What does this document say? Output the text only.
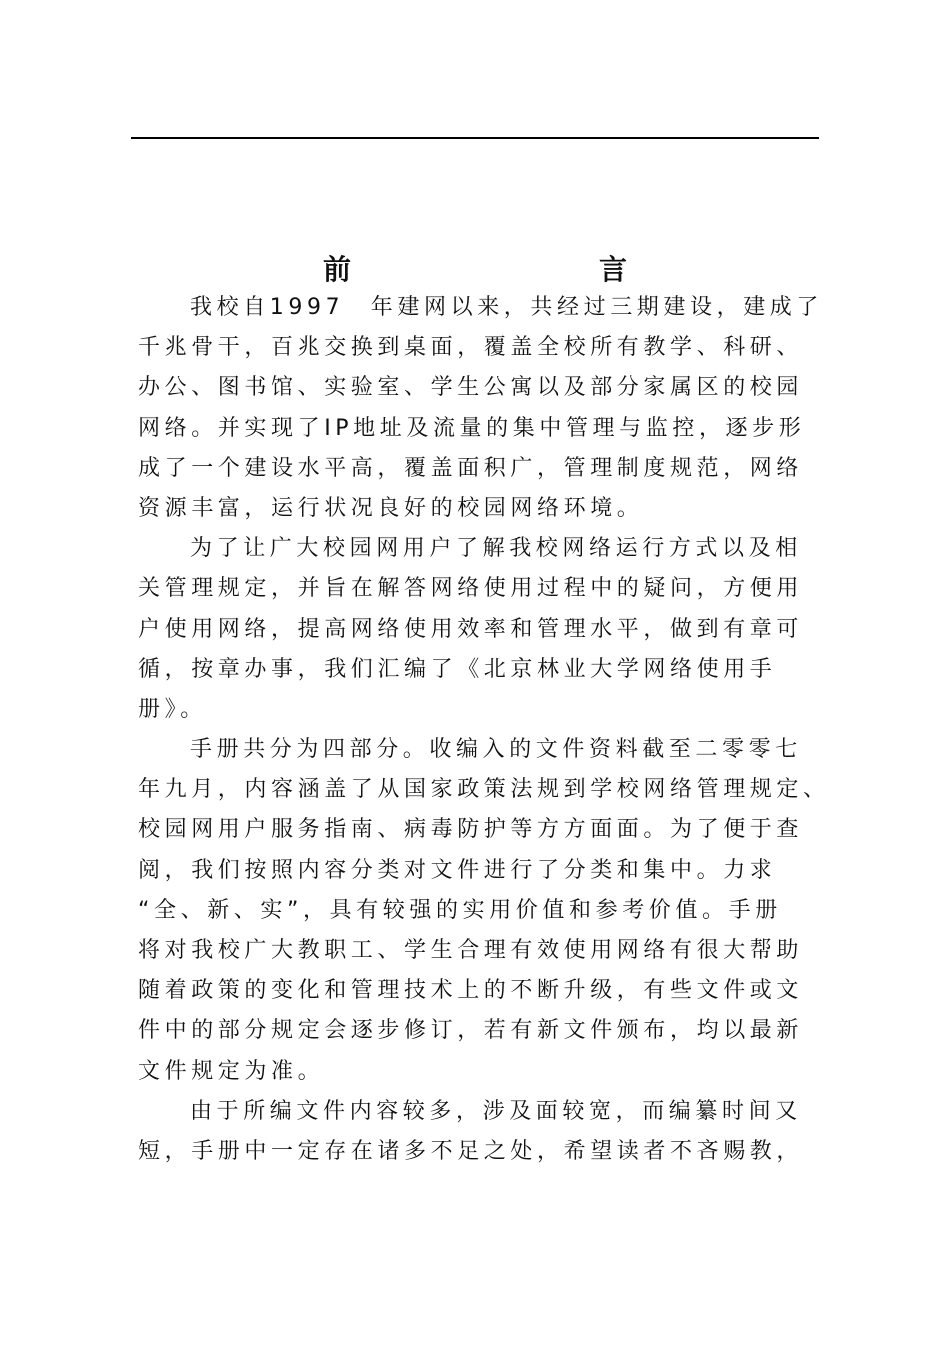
前　言
我校自1997　年建网以来，共经过三期建设，建成了
千兆骨干，百兆交换到桌面，覆盖全校所有教学、科研、
办公、图书馆、实验室、学生公寓以及部分家属区的校园
网络。并实现了IP地址及流量的集中管理与监控，逐步形
成了一个建设水平高，覆盖面积广，管理制度规范，网络
资源丰富，运行状况良好的校园网络环境。
为了让广大校园网用户了解我校网络运行方式以及相
关管理规定，并旨在解答网络使用过程中的疑问，方便用
户使用网络，提高网络使用效率和管理水平，做到有章可
循，按章办事，我们汇编了《北京林业大学网络使用手
册》。
手册共分为四部分。收编入的文件资料截至二零零七
年九月，内容涵盖了从国家政策法规到学校网络管理规定、
校园网用户服务指南、病毒防护等方方面面。为了便于查
阅，我们按照内容分类对文件进行了分类和集中。力求
“全、新、实”，具有较强的实用价值和参考价值。手册
将对我校广大教职工、学生合理有效使用网络有很大帮助
随着政策的变化和管理技术上的不断升级，有些文件或文
件中的部分规定会逐步修订，若有新文件颁布，均以最新
文件规定为准。
由于所编文件内容较多，涉及面较宽，而编纂时间又
短，手册中一定存在诸多不足之处，希望读者不吝赐教，
